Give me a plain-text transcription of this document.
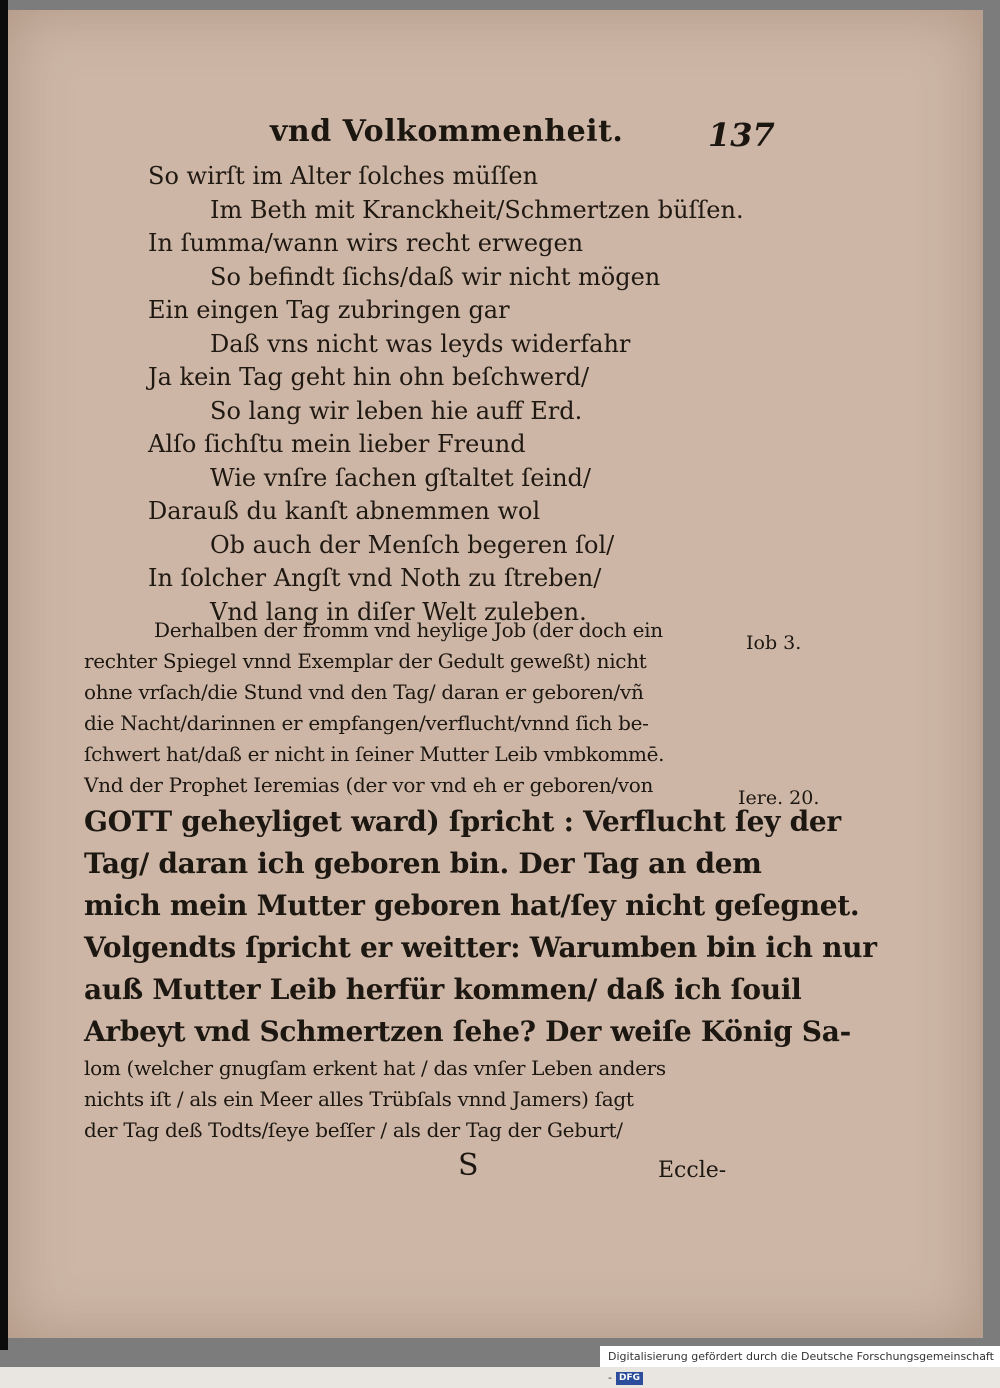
vnd Volkommenheit.	137
So wirſt im Alter ſolches müſſen
Im Beth mit Kranckheit/Schmertzen büſſen.
In ſumma/wann wirs recht erwegen
So befindt ſichs/daß wir nicht mögen
Ein eingen Tag zubringen gar
Daß vns nicht was leyds widerfahr
Ja kein Tag geht hin ohn beſchwerd/
So lang wir leben hie auff Erd.
Alſo ſichſtu mein lieber Freund
Wie vnſre ſachen gſtaltet ſeind/
Darauß du kanſt abnemmen wol
Ob auch der Menſch begeren ſol/
In ſolcher Angſt vnd Noth zu ſtreben/
Vnd lang in diſer Welt zuleben.
Derhalben der fromm vnd heylige Job (der doch ein
rechter Spiegel vnnd Exemplar der Gedult geweßt) nicht
ohne vrſach/die Stund vnd den Tag/ daran er geboren/vñ
die Nacht/darinnen er empfangen/verflucht/vnnd ſich be-
ſchwert hat/daß er nicht in ſeiner Mutter Leib vmbkommē.
Vnd der Prophet Ieremias (der vor vnd eh er geboren/von
GOTT geheyliget ward) ſpricht : Verflucht ſey der
Tag/ daran ich geboren bin. Der Tag an dem
mich mein Mutter geboren hat/ſey nicht geſegnet.
Volgendts ſpricht er weitter: Warumben bin ich nur
auß Mutter Leib herfür kommen/ daß ich ſouil
Arbeyt vnd Schmertzen ſehe? Der weiſe König Sa-
lom (welcher gnugſam erkent hat / das vnſer Leben anders
nichts iſt / als ein Meer alles Trübſals vnnd Jamers) ſagt
der Tag deß Todts/ſeye beſſer / als der Tag der Geburt/
Iob 3.
Iere. 20.
S	Eccle-
Digitalisierung gefördert durch die Deutsche Forschungsgemeinschaft - DFG
